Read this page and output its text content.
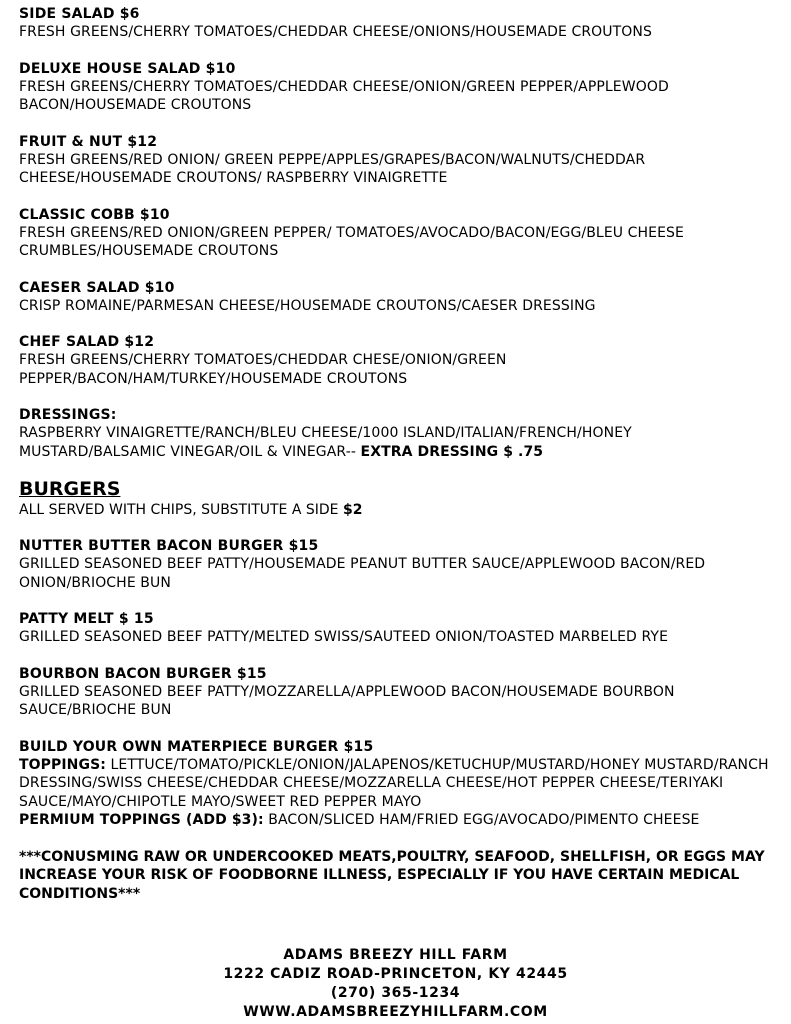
SIDE SALAD $6
FRESH GREENS/CHERRY TOMATOES/CHEDDAR CHEESE/ONIONS/HOUSEMADE CROUTONS
DELUXE HOUSE SALAD $10
FRESH GREENS/CHERRY TOMATOES/CHEDDAR CHEESE/ONION/GREEN PEPPER/APPLEWOOD BACON/HOUSEMADE CROUTONS
FRUIT & NUT $12
FRESH GREENS/RED ONION/ GREEN PEPPE/APPLES/GRAPES/BACON/WALNUTS/CHEDDAR CHEESE/HOUSEMADE CROUTONS/ RASPBERRY VINAIGRETTE
CLASSIC COBB $10
FRESH GREENS/RED ONION/GREEN PEPPER/ TOMATOES/AVOCADO/BACON/EGG/BLEU CHEESE CRUMBLES/HOUSEMADE CROUTONS
CAESER SALAD $10
CRISP ROMAINE/PARMESAN CHEESE/HOUSEMADE CROUTONS/CAESER DRESSING
CHEF SALAD $12
FRESH GREENS/CHERRY TOMATOES/CHEDDAR CHESE/ONION/GREEN PEPPER/BACON/HAM/TURKEY/HOUSEMADE CROUTONS
DRESSINGS:
RASPBERRY VINAIGRETTE/RANCH/BLEU CHEESE/1000 ISLAND/ITALIAN/FRENCH/HONEY MUSTARD/BALSAMIC VINEGAR/OIL & VINEGAR-- EXTRA DRESSING $ .75
BURGERS
ALL SERVED WITH CHIPS, SUBSTITUTE A SIDE $2
NUTTER BUTTER BACON BURGER $15
GRILLED SEASONED BEEF PATTY/HOUSEMADE PEANUT BUTTER SAUCE/APPLEWOOD BACON/RED ONION/BRIOCHE BUN
PATTY MELT $ 15
GRILLED SEASONED BEEF PATTY/MELTED SWISS/SAUTEED ONION/TOASTED MARBELED RYE
BOURBON BACON BURGER $15
GRILLED SEASONED BEEF PATTY/MOZZARELLA/APPLEWOOD BACON/HOUSEMADE BOURBON SAUCE/BRIOCHE BUN
BUILD YOUR OWN MATERPIECE BURGER $15
TOPPINGS: LETTUCE/TOMATO/PICKLE/ONION/JALAPENOS/KETUCHUP/MUSTARD/HONEY MUSTARD/RANCH DRESSING/SWISS CHEESE/CHEDDAR CHEESE/MOZZARELLA CHEESE/HOT PEPPER CHEESE/TERIYAKI SAUCE/MAYO/CHIPOTLE MAYO/SWEET RED PEPPER MAYO
PERMIUM TOPPINGS (ADD $3): BACON/SLICED HAM/FRIED EGG/AVOCADO/PIMENTO CHEESE
***CONUSMING RAW OR UNDERCOOKED MEATS,POULTRY, SEAFOOD, SHELLFISH, OR EGGS MAY INCREASE YOUR RISK OF FOODBORNE ILLNESS, ESPECIALLY IF YOU HAVE CERTAIN MEDICAL CONDITIONS***
ADAMS BREEZY HILL FARM
1222 CADIZ ROAD-PRINCETON, KY 42445
(270) 365-1234
WWW.ADAMSBREEZYHILLFARM.COM
